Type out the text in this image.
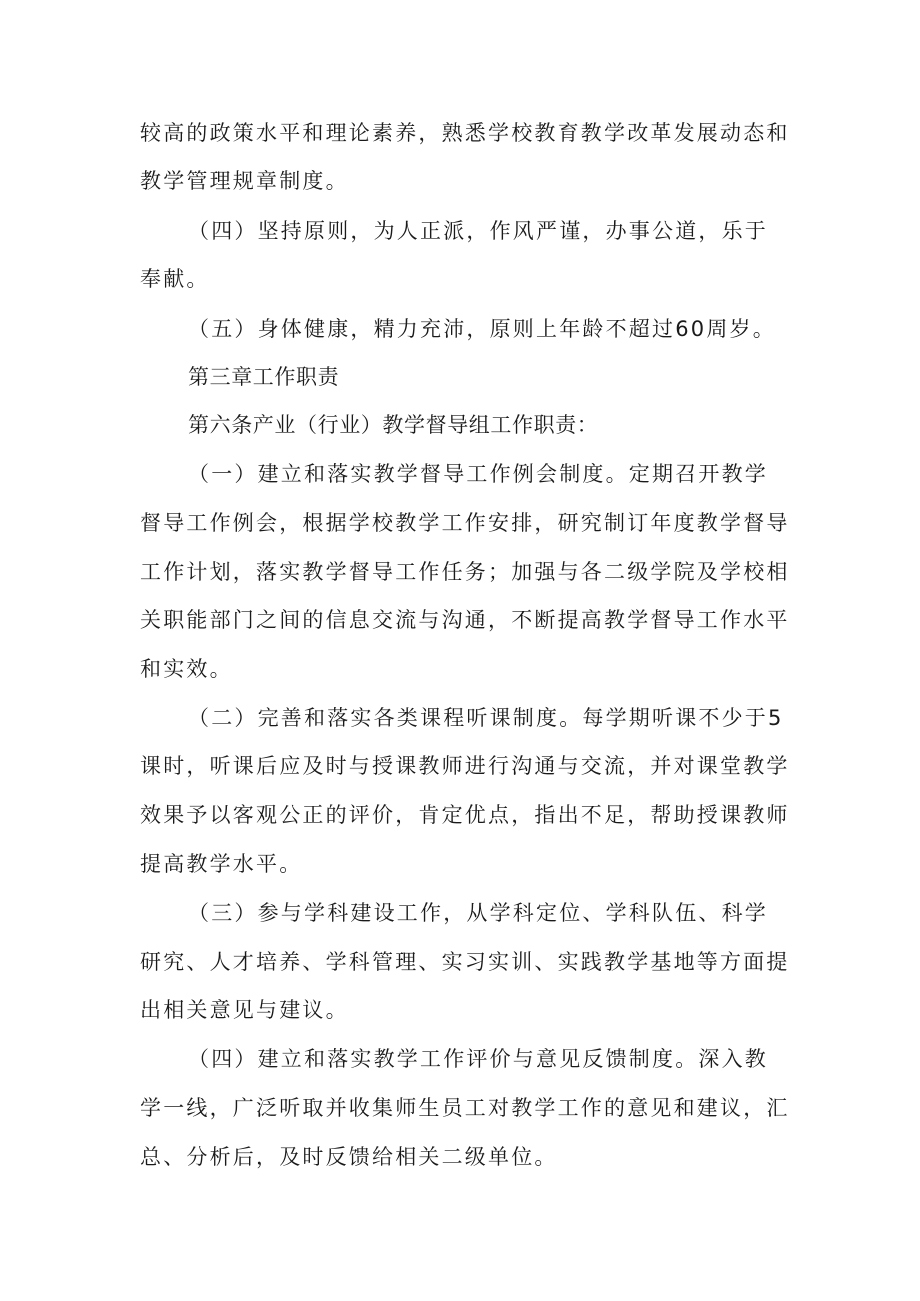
较高的政策水平和理论素养，熟悉学校教育教学改革发展动态和

教学管理规章制度。

（四）坚持原则，为人正派，作风严谨，办事公道，乐于

奉献。

（五）身体健康，精力充沛，原则上年龄不超过60周岁。

第三章工作职责

第六条产业（行业）教学督导组工作职责：

（一）建立和落实教学督导工作例会制度。定期召开教学

督导工作例会，根据学校教学工作安排，研究制订年度教学督导

工作计划，落实教学督导工作任务；加强与各二级学院及学校相

关职能部门之间的信息交流与沟通，不断提高教学督导工作水平

和实效。

（二）完善和落实各类课程听课制度。每学期听课不少于5

课时，听课后应及时与授课教师进行沟通与交流，并对课堂教学

效果予以客观公正的评价，肯定优点，指出不足，帮助授课教师

提高教学水平。

（三）参与学科建设工作，从学科定位、学科队伍、科学

研究、人才培养、学科管理、实习实训、实践教学基地等方面提

出相关意见与建议。

（四）建立和落实教学工作评价与意见反馈制度。深入教

学一线，广泛听取并收集师生员工对教学工作的意见和建议，汇

总、分析后，及时反馈给相关二级单位。
